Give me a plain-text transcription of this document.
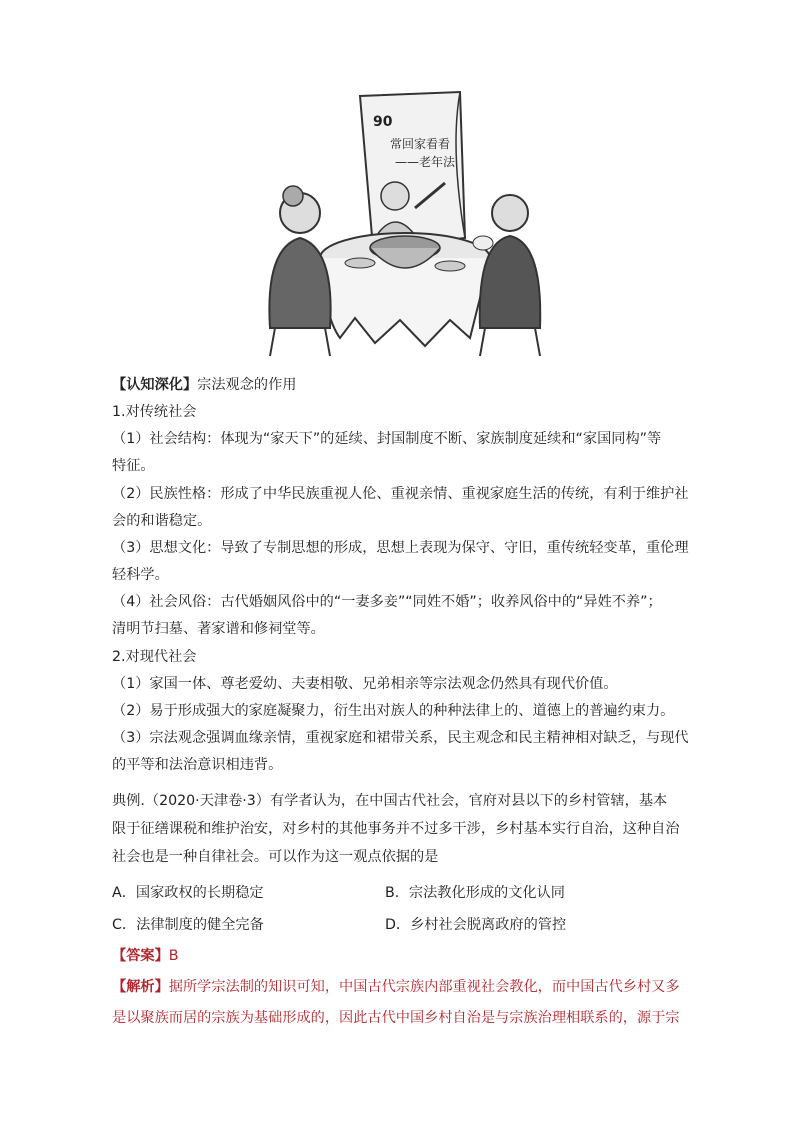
90
常回家看看
——老年法
【认知深化】宗法观念的作用
1.对传统社会
（1）社会结构：体现为“家天下”的延续、封国制度不断、家族制度延续和“家国同构”等
特征。
（2）民族性格：形成了中华民族重视人伦、重视亲情、重视家庭生活的传统，有利于维护社
会的和谐稳定。
（3）思想文化：导致了专制思想的形成，思想上表现为保守、守旧，重传统轻变革，重伦理
轻科学。
（4）社会风俗：古代婚姻风俗中的“一妻多妾”“同姓不婚”；收养风俗中的“异姓不养”；
清明节扫墓、著家谱和修祠堂等。
2.对现代社会
（1）家国一体、尊老爱幼、夫妻相敬、兄弟相亲等宗法观念仍然具有现代价值。
（2）易于形成强大的家庭凝聚力，衍生出对族人的种种法律上的、道德上的普遍约束力。
（3）宗法观念强调血缘亲情，重视家庭和裙带关系，民主观念和民主精神相对缺乏，与现代
的平等和法治意识相违背。
典例.（2020·天津卷·3）有学者认为，在中国古代社会，官府对县以下的乡村管辖，基本
限于征缮课税和维护治安，对乡村的其他事务并不过多干涉，乡村基本实行自治，这种自治
社会也是一种自律社会。可以作为这一观点依据的是
A．国家政权的长期稳定	B．宗法教化形成的文化认同
C．法律制度的健全完备	D．乡村社会脱离政府的管控
【答案】B
【解析】据所学宗法制的知识可知，中国古代宗族内部重视社会教化，而中国古代乡村又多
是以聚族而居的宗族为基础形成的，因此古代中国乡村自治是与宗族治理相联系的，源于宗
